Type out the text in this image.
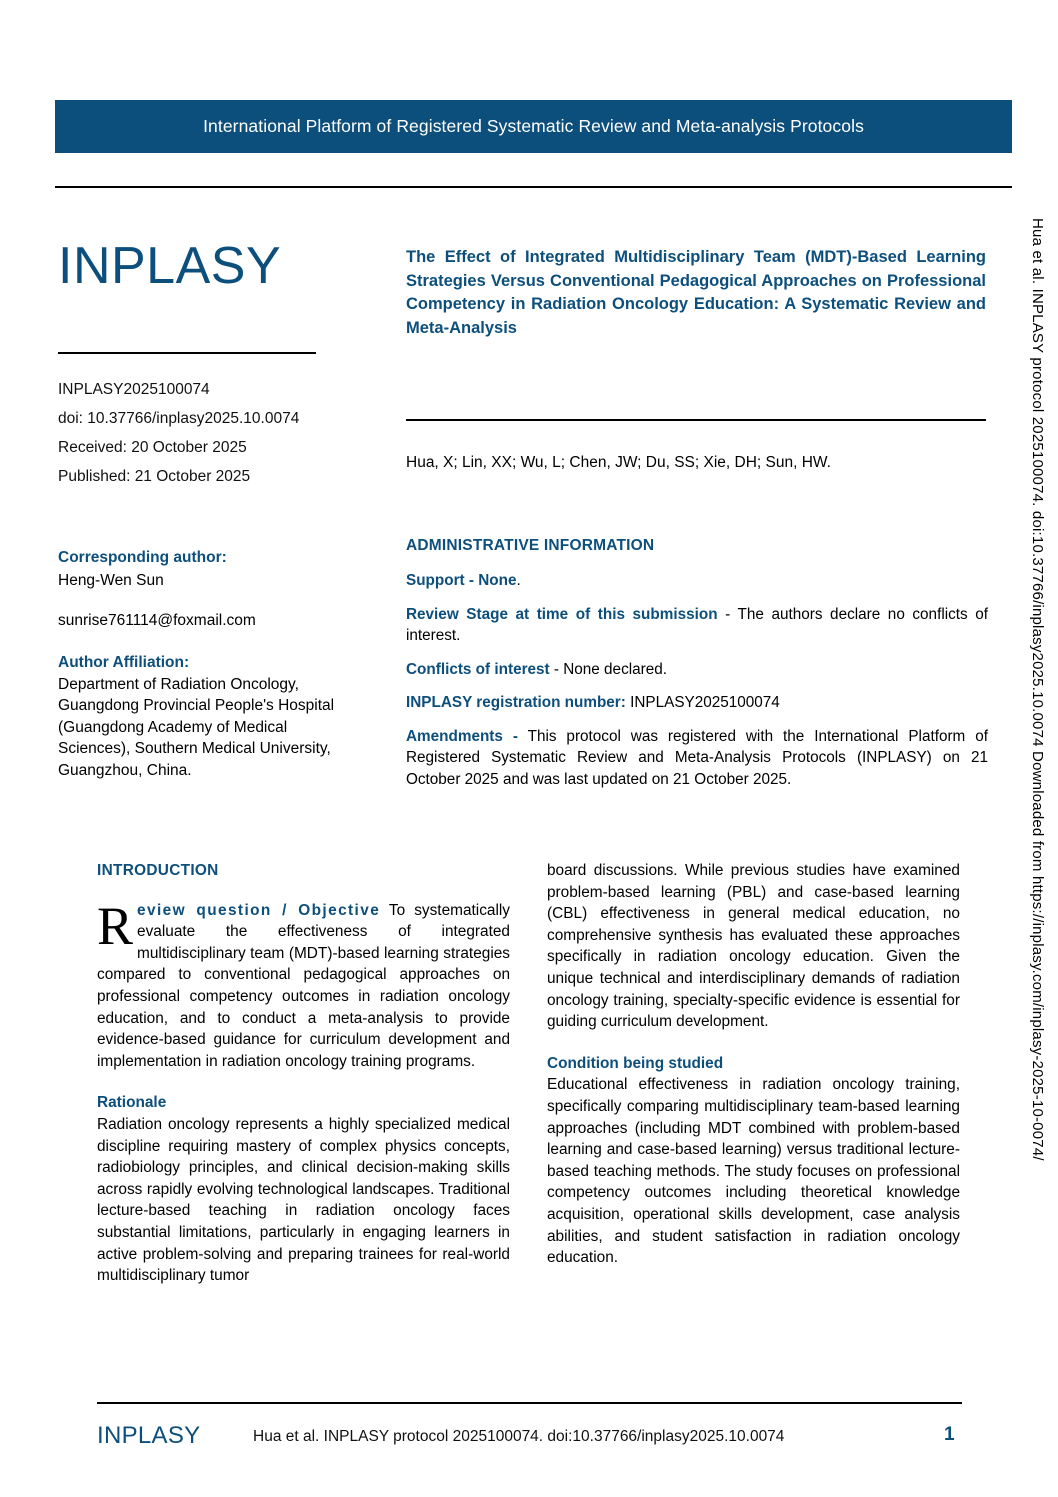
International Platform of Registered Systematic Review and Meta-analysis Protocols
Hua et al. INPLASY protocol 2025100074. doi:10.37766/inplasy2025.10.0074 Downloaded from https://inplasy.com/inplasy-2025-10-0074/
INPLASY
INPLASY2025100074
doi: 10.37766/inplasy2025.10.0074
Received: 20 October 2025
Published: 21 October 2025
Corresponding author:
Heng-Wen Sun
sunrise761114@foxmail.com
Author Affiliation:
Department of Radiation Oncology, Guangdong Provincial People's Hospital (Guangdong Academy of Medical Sciences), Southern Medical University, Guangzhou, China.
The Effect of Integrated Multidisciplinary Team (MDT)-Based Learning Strategies Versus Conventional Pedagogical Approaches on Professional Competency in Radiation Oncology Education: A Systematic Review and Meta-Analysis
Hua, X; Lin, XX; Wu, L; Chen, JW; Du, SS; Xie, DH; Sun, HW.
ADMINISTRATIVE INFORMATION

Support - None.

Review Stage at time of this submission - The authors declare no conflicts of interest.

Conflicts of interest - None declared.

INPLASY registration number: INPLASY2025100074

Amendments - This protocol was registered with the International Platform of Registered Systematic Review and Meta-Analysis Protocols (INPLASY) on 21 October 2025 and was last updated on 21 October 2025.

INTRODUCTION

Review question / Objective To systematically evaluate the effectiveness of integrated multidisciplinary team (MDT)-based learning strategies compared to conventional pedagogical approaches on professional competency outcomes in radiation oncology education, and to conduct a meta-analysis to provide evidence-based guidance for curriculum development and implementation in radiation oncology training programs.

Rationale

Radiation oncology represents a highly specialized medical discipline requiring mastery of complex physics concepts, radiobiology principles, and clinical decision-making skills across rapidly evolving technological landscapes. Traditional lecture-based teaching in radiation oncology faces substantial limitations, particularly in engaging learners in active problem-solving and preparing trainees for real-world multidisciplinary tumor

board discussions. While previous studies have examined problem-based learning (PBL) and case-based learning (CBL) effectiveness in general medical education, no comprehensive synthesis has evaluated these approaches specifically in radiation oncology education. Given the unique technical and interdisciplinary demands of radiation oncology training, specialty-specific evidence is essential for guiding curriculum development.

Condition being studied

Educational effectiveness in radiation oncology training, specifically comparing multidisciplinary team-based learning approaches (including MDT combined with problem-based learning and case-based learning) versus traditional lecture-based teaching methods. The study focuses on professional competency outcomes including theoretical knowledge acquisition, operational skills development, case analysis abilities, and student satisfaction in radiation oncology education.

INPLASY	Hua et al. INPLASY protocol 2025100074. doi:10.37766/inplasy2025.10.0074	1
